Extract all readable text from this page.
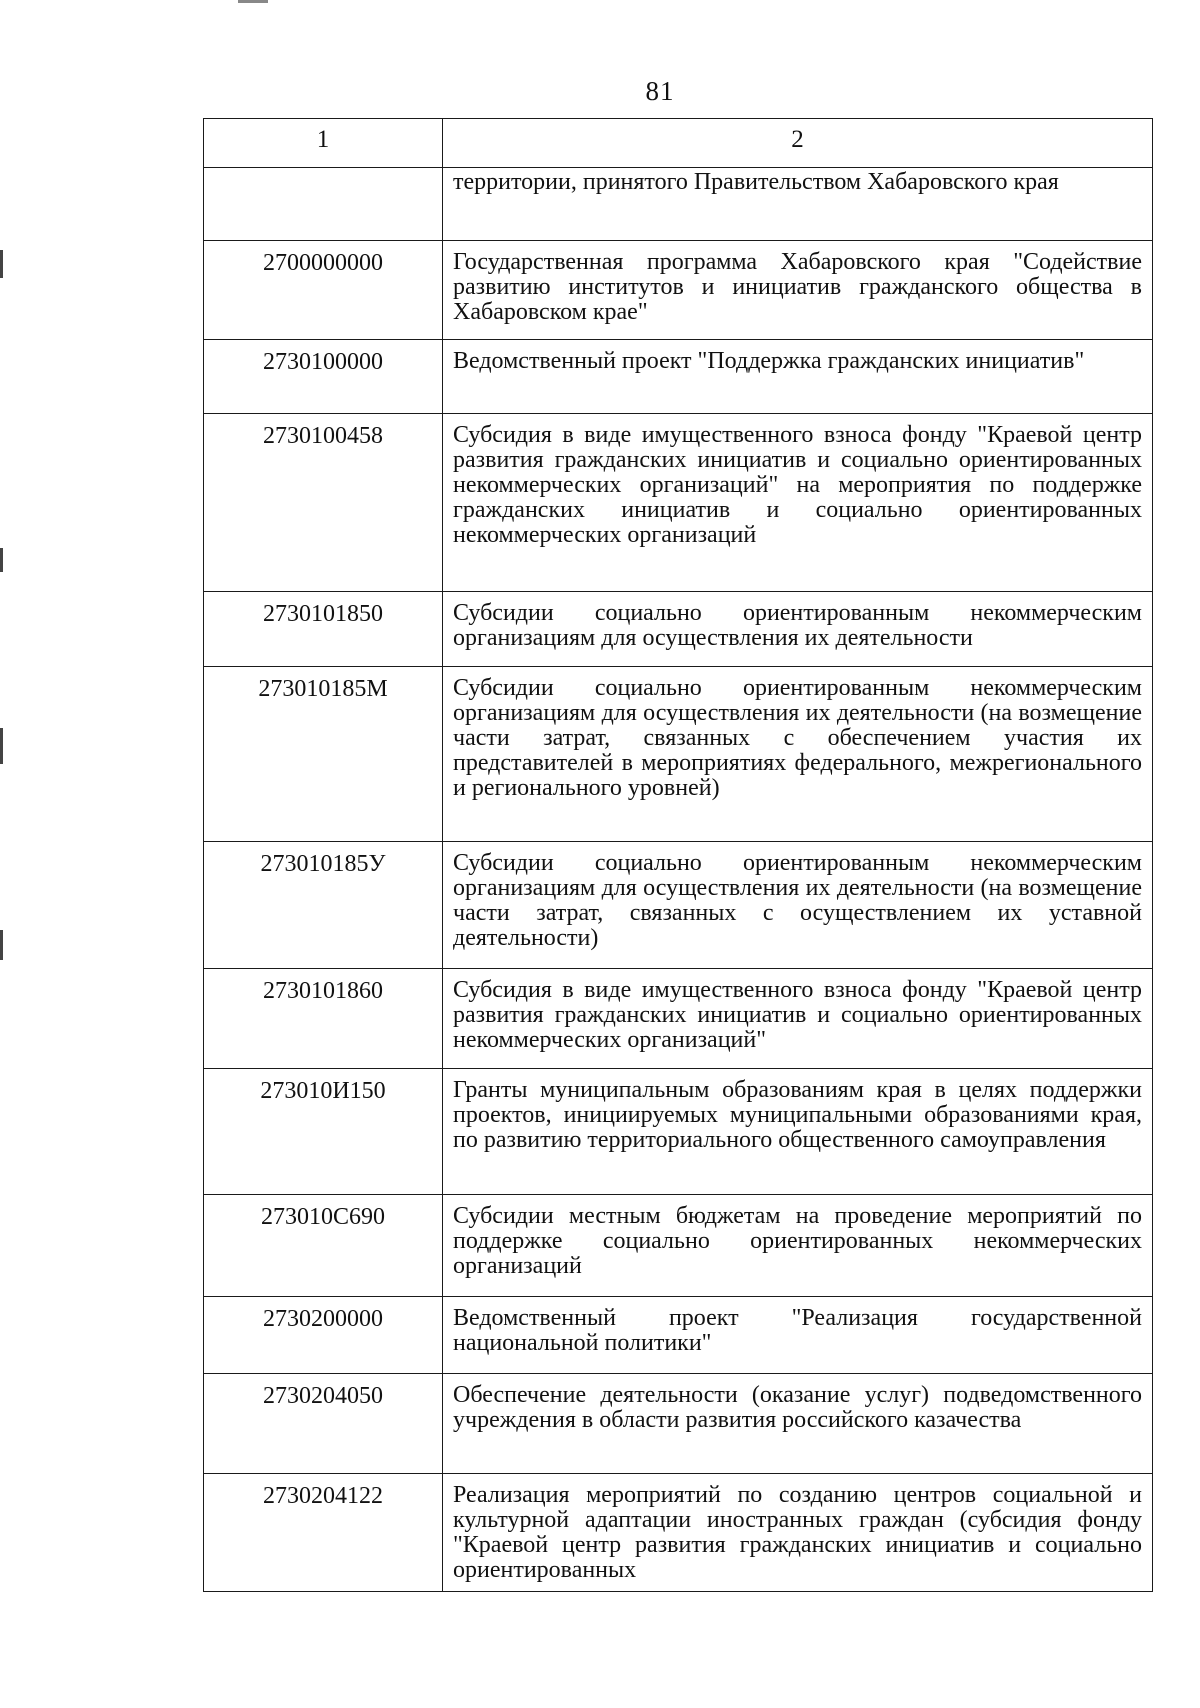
81
1	2
	территории, принятого Правительством Хабаровского края
2700000000	Государственная программа Хабаровского края "Содействие развитию институтов и инициатив гражданского общества в Хабаровском крае"
2730100000	Ведомственный проект "Поддержка гражданских инициатив"
2730100458	Субсидия в виде имущественного взноса фонду "Краевой центр развития гражданских инициатив и социально ориентированных некоммерческих организаций" на мероприятия по поддержке гражданских инициатив и социально ориентированных некоммерческих организаций
2730101850	Субсидии социально ориентированным некоммерческим организациям для осуществления их деятельности
273010185М	Субсидии социально ориентированным некоммерческим организациям для осуществления их деятельности (на возмещение части затрат, связанных с обеспечением участия их представителей в мероприятиях федерального, межрегионального и регионального уровней)
273010185У	Субсидии социально ориентированным некоммерческим организациям для осуществления их деятельности (на возмещение части затрат, связанных с осуществлением их уставной деятельности)
2730101860	Субсидия в виде имущественного взноса фонду "Краевой центр развития гражданских инициатив и социально ориентированных некоммерческих организаций"
273010И150	Гранты муниципальным образованиям края в целях поддержки проектов, инициируемых муниципальными образованиями края, по развитию территориального общественного самоуправления
273010С690	Субсидии местным бюджетам на проведение мероприятий по поддержке социально ориентированных некоммерческих организаций
2730200000	Ведомственный проект "Реализация государственной национальной политики"
2730204050	Обеспечение деятельности (оказание услуг) подведомственного учреждения в области развития российского казачества
2730204122	Реализация мероприятий по созданию центров социальной и культурной адаптации иностранных граждан (субсидия фонду "Краевой центр развития гражданских инициатив и социально ориентированных
